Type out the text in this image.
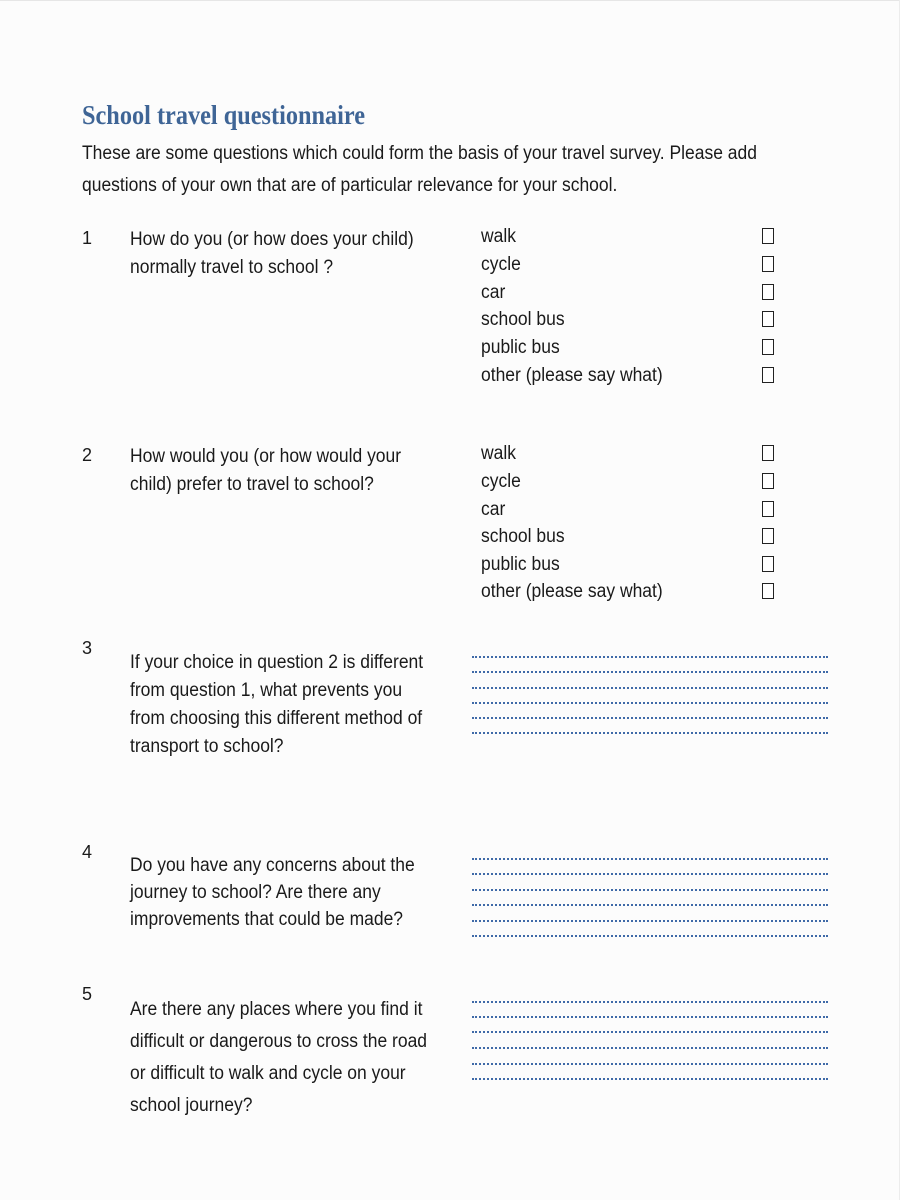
School travel questionnaire
These are some questions which could form the basis of your travel survey. Please add
questions of your own that are of particular relevance for your school.
1 How do you (or how does your child)
normally travel to school ?
walk
cycle
car
school bus
public bus
other (please say what)
2 How would you (or how would your
child) prefer to travel to school?
walk
cycle
car
school bus
public bus
other (please say what)
3
If your choice in question 2 is different
from question 1, what prevents you
from choosing this different method of
transport to school?
4
Do you have any concerns about the
journey to school? Are there any
improvements that could be made?
5
Are there any places where you find it
difficult or dangerous to cross the road
or difficult to walk and cycle on your
school journey?
